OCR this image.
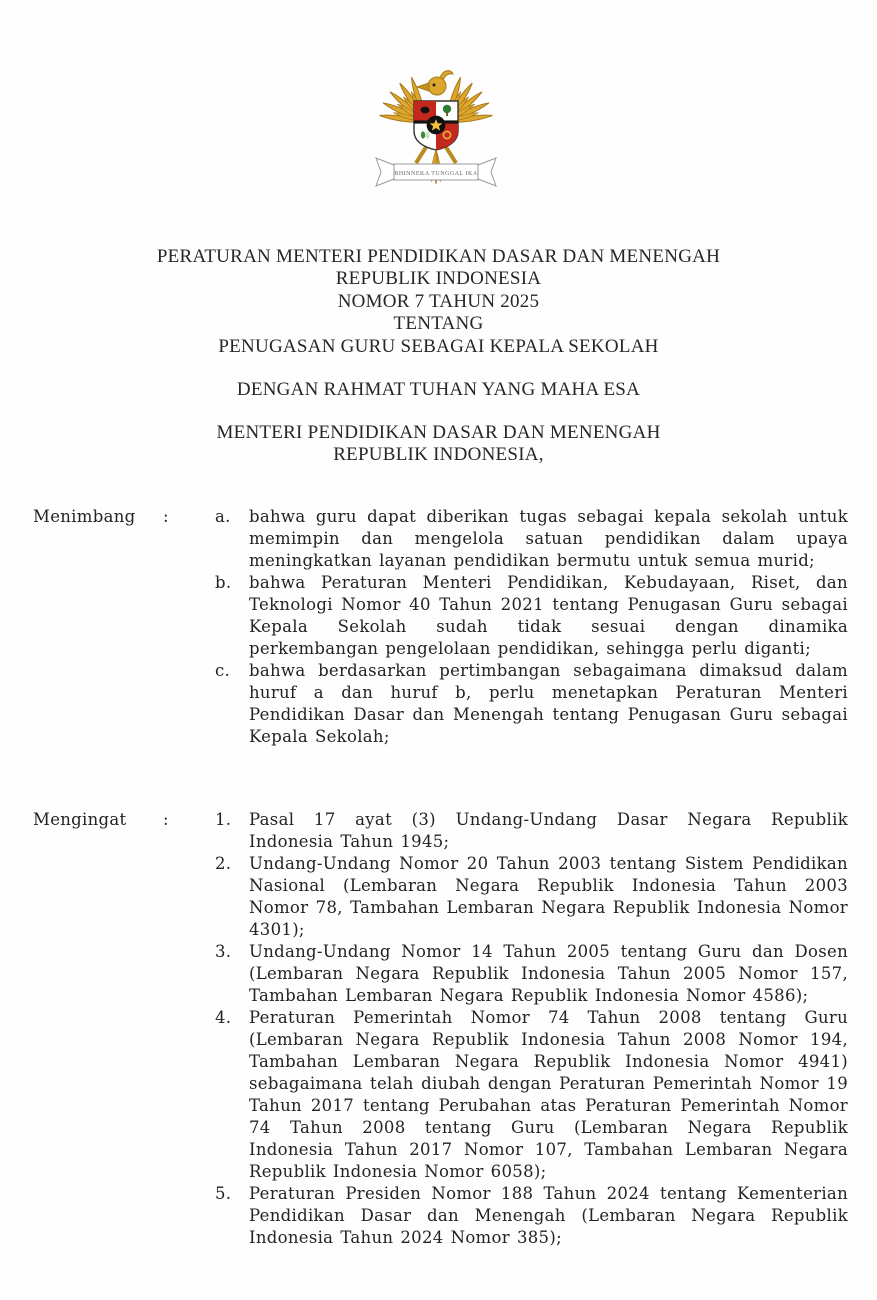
BHINNEKA TUNGGAL IKA
PERATURAN MENTERI PENDIDIKAN DASAR DAN MENENGAH
REPUBLIK INDONESIA
NOMOR 7 TAHUN 2025
TENTANG
PENUGASAN GURU SEBAGAI KEPALA SEKOLAH
DENGAN RAHMAT TUHAN YANG MAHA ESA
MENTERI PENDIDIKAN DASAR DAN MENENGAH
REPUBLIK INDONESIA,
Menimbang	:	a.	bahwa guru dapat diberikan tugas sebagai kepala sekolah untuk memimpin dan mengelola satuan pendidikan dalam upaya meningkatkan layanan pendidikan bermutu untuk semua murid;
b.	bahwa Peraturan Menteri Pendidikan, Kebudayaan, Riset, dan Teknologi Nomor 40 Tahun 2021 tentang Penugasan Guru sebagai Kepala Sekolah sudah tidak sesuai dengan dinamika perkembangan pengelolaan pendidikan, sehingga perlu diganti;
c.	bahwa berdasarkan pertimbangan sebagaimana dimaksud dalam huruf a dan huruf b, perlu menetapkan Peraturan Menteri Pendidikan Dasar dan Menengah tentang Penugasan Guru sebagai Kepala Sekolah;
Mengingat	:	1.	Pasal 17 ayat (3) Undang-Undang Dasar Negara Republik Indonesia Tahun 1945;
2.	Undang-Undang Nomor 20 Tahun 2003 tentang Sistem Pendidikan Nasional (Lembaran Negara Republik Indonesia Tahun 2003 Nomor 78, Tambahan Lembaran Negara Republik Indonesia Nomor 4301);
3.	Undang-Undang Nomor 14 Tahun 2005 tentang Guru dan Dosen (Lembaran Negara Republik Indonesia Tahun 2005 Nomor 157, Tambahan Lembaran Negara Republik Indonesia Nomor 4586);
4.	Peraturan Pemerintah Nomor 74 Tahun 2008 tentang Guru (Lembaran Negara Republik Indonesia Tahun 2008 Nomor 194, Tambahan Lembaran Negara Republik Indonesia Nomor 4941) sebagaimana telah diubah dengan Peraturan Pemerintah Nomor 19 Tahun 2017 tentang Perubahan atas Peraturan Pemerintah Nomor 74 Tahun 2008 tentang Guru (Lembaran Negara Republik Indonesia Tahun 2017 Nomor 107, Tambahan Lembaran Negara Republik Indonesia Nomor 6058);
5.	Peraturan Presiden Nomor 188 Tahun 2024 tentang Kementerian Pendidikan Dasar dan Menengah (Lembaran Negara Republik Indonesia Tahun 2024 Nomor 385);
